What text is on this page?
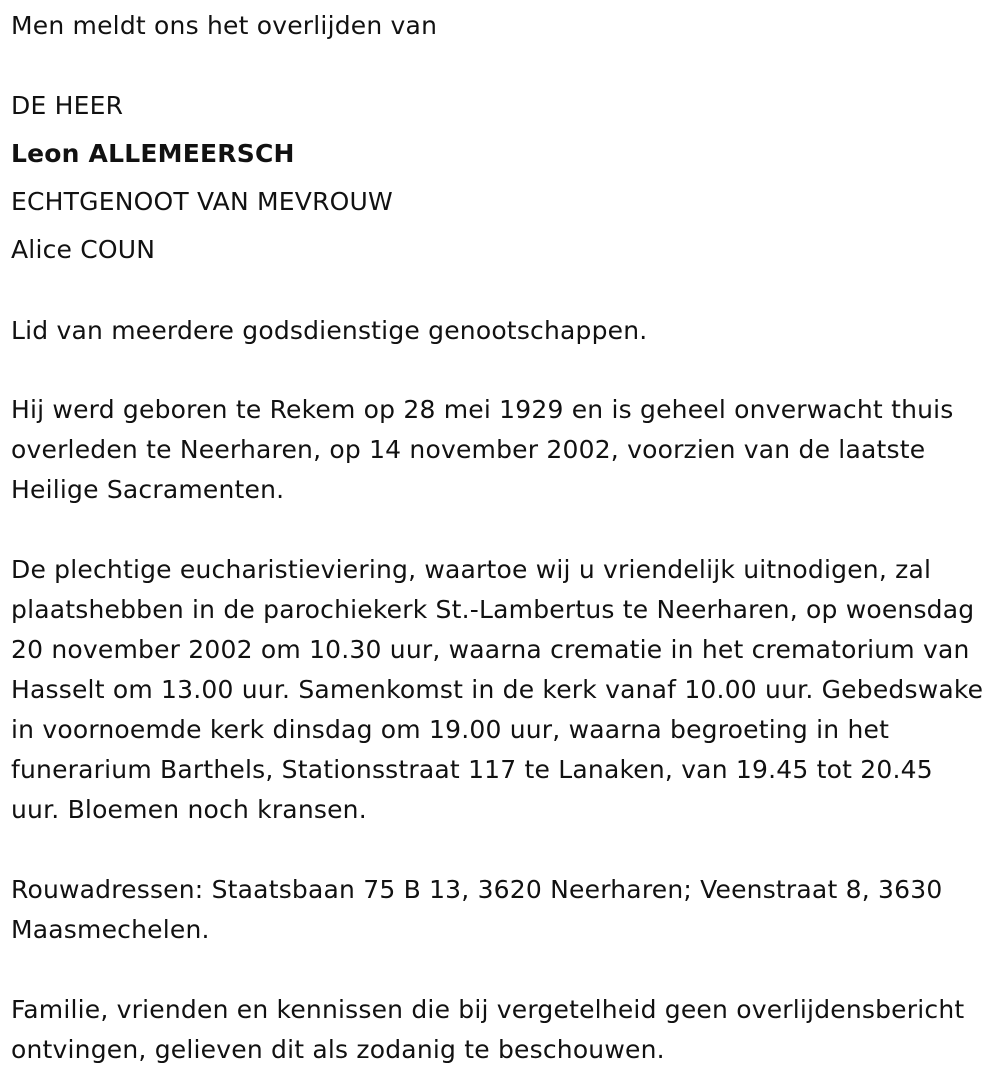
Men meldt ons het overlijden van

DE HEER
Leon ALLEMEERSCH
ECHTGENOOT VAN MEVROUW
Alice COUN

Lid van meerdere godsdienstige genootschappen.

Hij werd geboren te Rekem op 28 mei 1929 en is geheel onverwacht thuis overleden te Neerharen, op 14 november 2002, voorzien van de laatste Heilige Sacramenten.

De plechtige eucharistieviering, waartoe wij u vriendelijk uitnodigen, zal plaatshebben in de parochiekerk St.-Lambertus te Neerharen, op woensdag 20 november 2002 om 10.30 uur, waarna crematie in het crematorium van Hasselt om 13.00 uur. Samenkomst in de kerk vanaf 10.00 uur. Gebedswake in voornoemde kerk dinsdag om 19.00 uur, waarna begroeting in het funerarium Barthels, Stationsstraat 117 te Lanaken, van 19.45 tot 20.45 uur. Bloemen noch kransen.

Rouwadressen: Staatsbaan 75 B 13, 3620 Neerharen; Veenstraat 8, 3630 Maasmechelen.

Familie, vrienden en kennissen die bij vergetelheid geen overlijdensbericht ontvingen, gelieven dit als zodanig te beschouwen.
